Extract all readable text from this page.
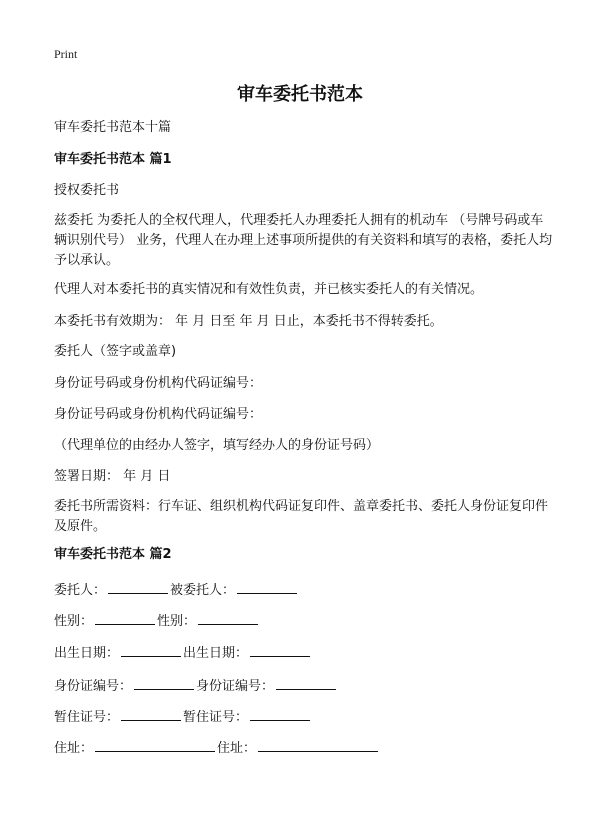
Print
审车委托书范本

审车委托书范本十篇

审车委托书范本 篇1

授权委托书

兹委托 为委托人的全权代理人，代理委托人办理委托人拥有的机动车 （号牌号码或车辆识别代号） 业务，代理人在办理上述事项所提供的有关资料和填写的表格，委托人均予以承认。

代理人对本委托书的真实情况和有效性负责，并已核实委托人的有关情况。

本委托书有效期为： 年 月 日至 年 月 日止，本委托书不得转委托。

委托人（签字或盖章)

身份证号码或身份机构代码证编号：

身份证号码或身份机构代码证编号：

（代理单位的由经办人签字，填写经办人的身份证号码）

签署日期： 年 月 日

委托书所需资料：行车证、组织机构代码证复印件、盖章委托书、委托人身份证复印件及原件。

审车委托书范本 篇2

委托人：	被委托人：
性别：	性别：
出生日期：	出生日期：
身份证编号：	身份证编号：
暂住证号：	暂住证号：
住址：	住址：
